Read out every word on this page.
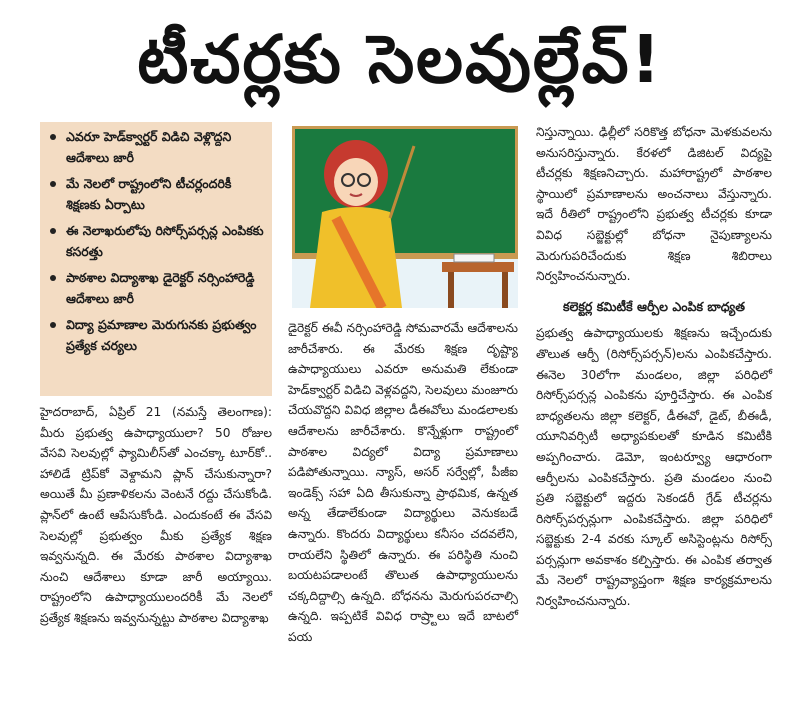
టీచర్లకు సెలవుల్లేవ్‌!
ఎవరూ హెడ్‌క్వార్టర్‌ విడిచి వెళ్లొద్దని ఆదేశాలు జారీ
మే నెలలో రాష్ట్రంలోని టీచర్లందరికీ శిక్షణకు ఏర్పాటు
ఈ నెలాఖరులోపు రిసోర్స్‌పర్సన్ల ఎంపికకు కసరత్తు
పాఠశాల విద్యాశాఖ డైరెక్టర్‌ నర్సింహారెడ్డి ఆదేశాలు జారీ
విద్యా ప్రమాణాల మెరుగునకు ప్రభుత్వం ప్రత్యేక చర్యలు

హైదరాబాద్‌, ఏప్రిల్‌ 21 (నమస్తే తెలంగాణ): మీరు ప్రభుత్వ ఉపాధ్యాయులా? 50 రోజుల వేసవి సెలవుల్లో ఫ్యామిలీస్‌తో ఎంచక్కా టూర్‌కో.. హాలిడే ట్రిప్‌కో వెళ్దామని ప్లాన్‌ చేసుకున్నారా? అయితే మీ ప్రణాళికలను వెంటనే రద్దు చేసుకోండి. ప్లాన్‌లో ఉంటే ఆపేసుకోండి. ఎందుకంటే ఈ వేసవి సెలవుల్లో ప్రభుత్వం మీకు ప్రత్యేక శిక్షణ ఇవ్వనున్నది. ఈ మేరకు పాఠశాల విద్యాశాఖ నుంచి ఆదేశాలు కూడా జారీ అయ్యాయి. రాష్ట్రంలోని ఉపాధ్యాయులందరికీ మే నెలలో ప్రత్యేక శిక్షణను ఇవ్వనున్నట్టు పాఠశాల విద్యాశాఖ

డైరెక్టర్‌ ఈవీ నర్సింహారెడ్డి సోమవారమే ఆదేశాలను జారీచేశారు. ఈ మేరకు శిక్షణ దృష్ట్యా ఉపాధ్యాయులు ఎవరూ అనుమతి లేకుండా హెడ్‌క్వార్టర్‌ విడిచి వెళ్లవద్దని, సెలవులు మంజూరు చేయవొద్దని వివిధ జిల్లాల డీఈవోలు మండలాలకు ఆదేశాలను జారీచేశారు. కొన్నేళ్లుగా రాష్ట్రంలో పాఠశాల విద్యలో విద్యా ప్రమాణాలు పడిపోతున్నాయి. న్యాస్‌, అసర్‌ సర్వేల్లో, పీజీఐ ఇండెక్స్‌ సహా ఏది తీసుకున్నా ప్రాథమిక, ఉన్నత అన్న తేడాలేకుండా విద్యార్థులు వెనుకబడే ఉన్నారు. కొందరు విద్యార్థులు కనీసం చదవలేని, రాయలేని స్థితిలో ఉన్నారు. ఈ పరిస్థితి నుంచి బయటపడాలంటే తొలుత ఉపాధ్యాయులను చక్కదిద్దాల్సి ఉన్నది. బోధనను మెరుగుపరచాల్సి ఉన్నది. ఇప్పటికే వివిధ రాష్ర్టాలు ఇదే బాటలో పయ

నిస్తున్నాయి. ఢిల్లీలో సరికొత్త బోధనా మెళకువలను అనుసరిస్తున్నారు. కేరళలో డిజిటల్‌ విద్యపై టీచర్లకు శిక్షణనిచ్చారు. మహారాష్ట్రలో పాఠశాల స్థాయిలో ప్రమాణాలను అంచనాలు వేస్తున్నారు. ఇదే రీతిలో రాష్ట్రంలోని ప్రభుత్వ టీచర్లకు కూడా వివిధ సబ్జెక్టుల్లో బోధనా నైపుణ్యాలను మెరుగుపరిచేందుకు శిక్షణ శిబిరాలు నిర్వహించనున్నారు.

కలెక్టర్ల కమిటీకే ఆర్పీల ఎంపిక బాధ్యత

ప్రభుత్వ ఉపాధ్యాయులకు శిక్షణను ఇచ్చేందుకు తొలుత ఆర్పీ (రిసోర్స్‌పర్సన్‌)లను ఎంపికచేస్తారు. ఈనెల 30లోగా మండలం, జిల్లా పరిధిలో రిసోర్స్‌పర్సన్ల ఎంపికను పూర్తిచేస్తారు. ఈ ఎంపిక బాధ్యతలను జిల్లా కలెక్టర్‌, డీఈవో, డైట్‌, బీఈడీ, యూనివర్సిటీ అధ్యాపకులతో కూడిన కమిటీకి అప్పగించారు. డెమో, ఇంటర్వ్యూ ఆధారంగా ఆర్పీలను ఎంపికచేస్తారు. ప్రతి మండలం నుంచి ప్రతి సబ్జెక్టులో ఇద్దరు సెకండరీ గ్రేడ్‌ టీచర్లను రిసోర్స్‌పర్సన్లుగా ఎంపికచేస్తారు. జిల్లా పరిధిలో సబ్జెక్టుకు 2-4 వరకు స్కూల్‌ అసిస్టెంట్లను రిసోర్స్‌ పర్సన్లుగా అవకాశం కల్పిస్తారు. ఈ ఎంపిక తర్వాత మే నెలలో రాష్ట్రవ్యాప్తంగా శిక్షణ కార్యక్రమాలను నిర్వహించనున్నారు.
